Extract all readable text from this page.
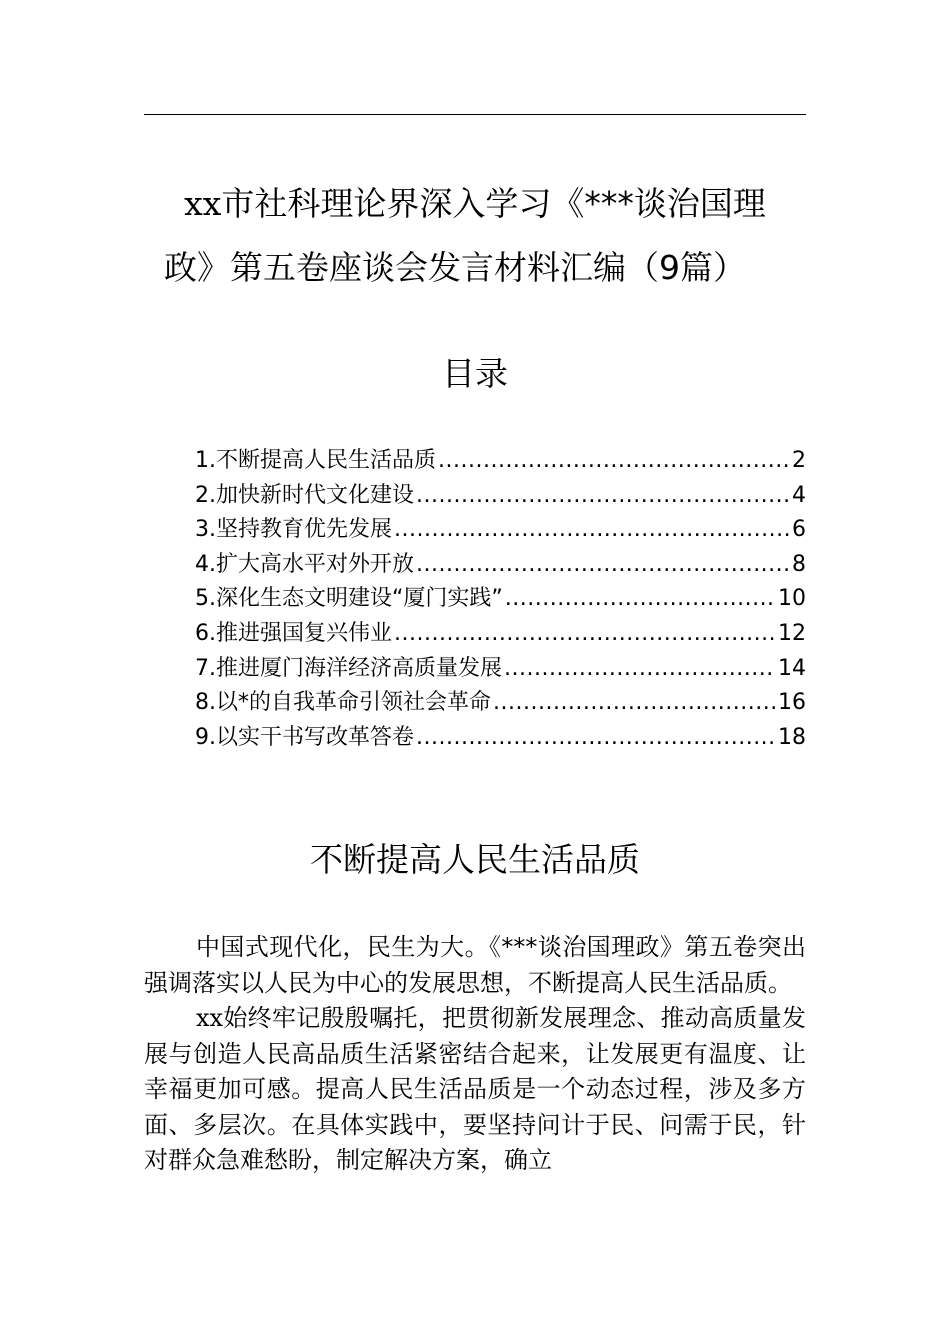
xx市社科理论界深入学习《***谈治国理
政》第五卷座谈会发言材料汇编（9篇）
目录
1.不断提高人民生活品质 .....	2
2.加快新时代文化建设 .....	4
3.坚持教育优先发展 .....	6
4.扩大高水平对外开放 .....	8
5.深化生态文明建设“厦门实践” .....	10
6.推进强国复兴伟业 .....	12
7.推进厦门海洋经济高质量发展 .....	14
8.以*的自我革命引领社会革命 .....	16
9.以实干书写改革答卷 .....	18
不断提高人民生活品质

中国式现代化，民生为大。《***谈治国理政》第五卷突出强调落实以人民为中心的发展思想，不断提高人民生活品质。

xx始终牢记殷殷嘱托，把贯彻新发展理念、推动高质量发展与创造人民高品质生活紧密结合起来，让发展更有温度、让幸福更加可感。提高人民生活品质是一个动态过程，涉及多方面、多层次。在具体实践中，要坚持问计于民、问需于民，针对群众急难愁盼，制定解决方案，确立
